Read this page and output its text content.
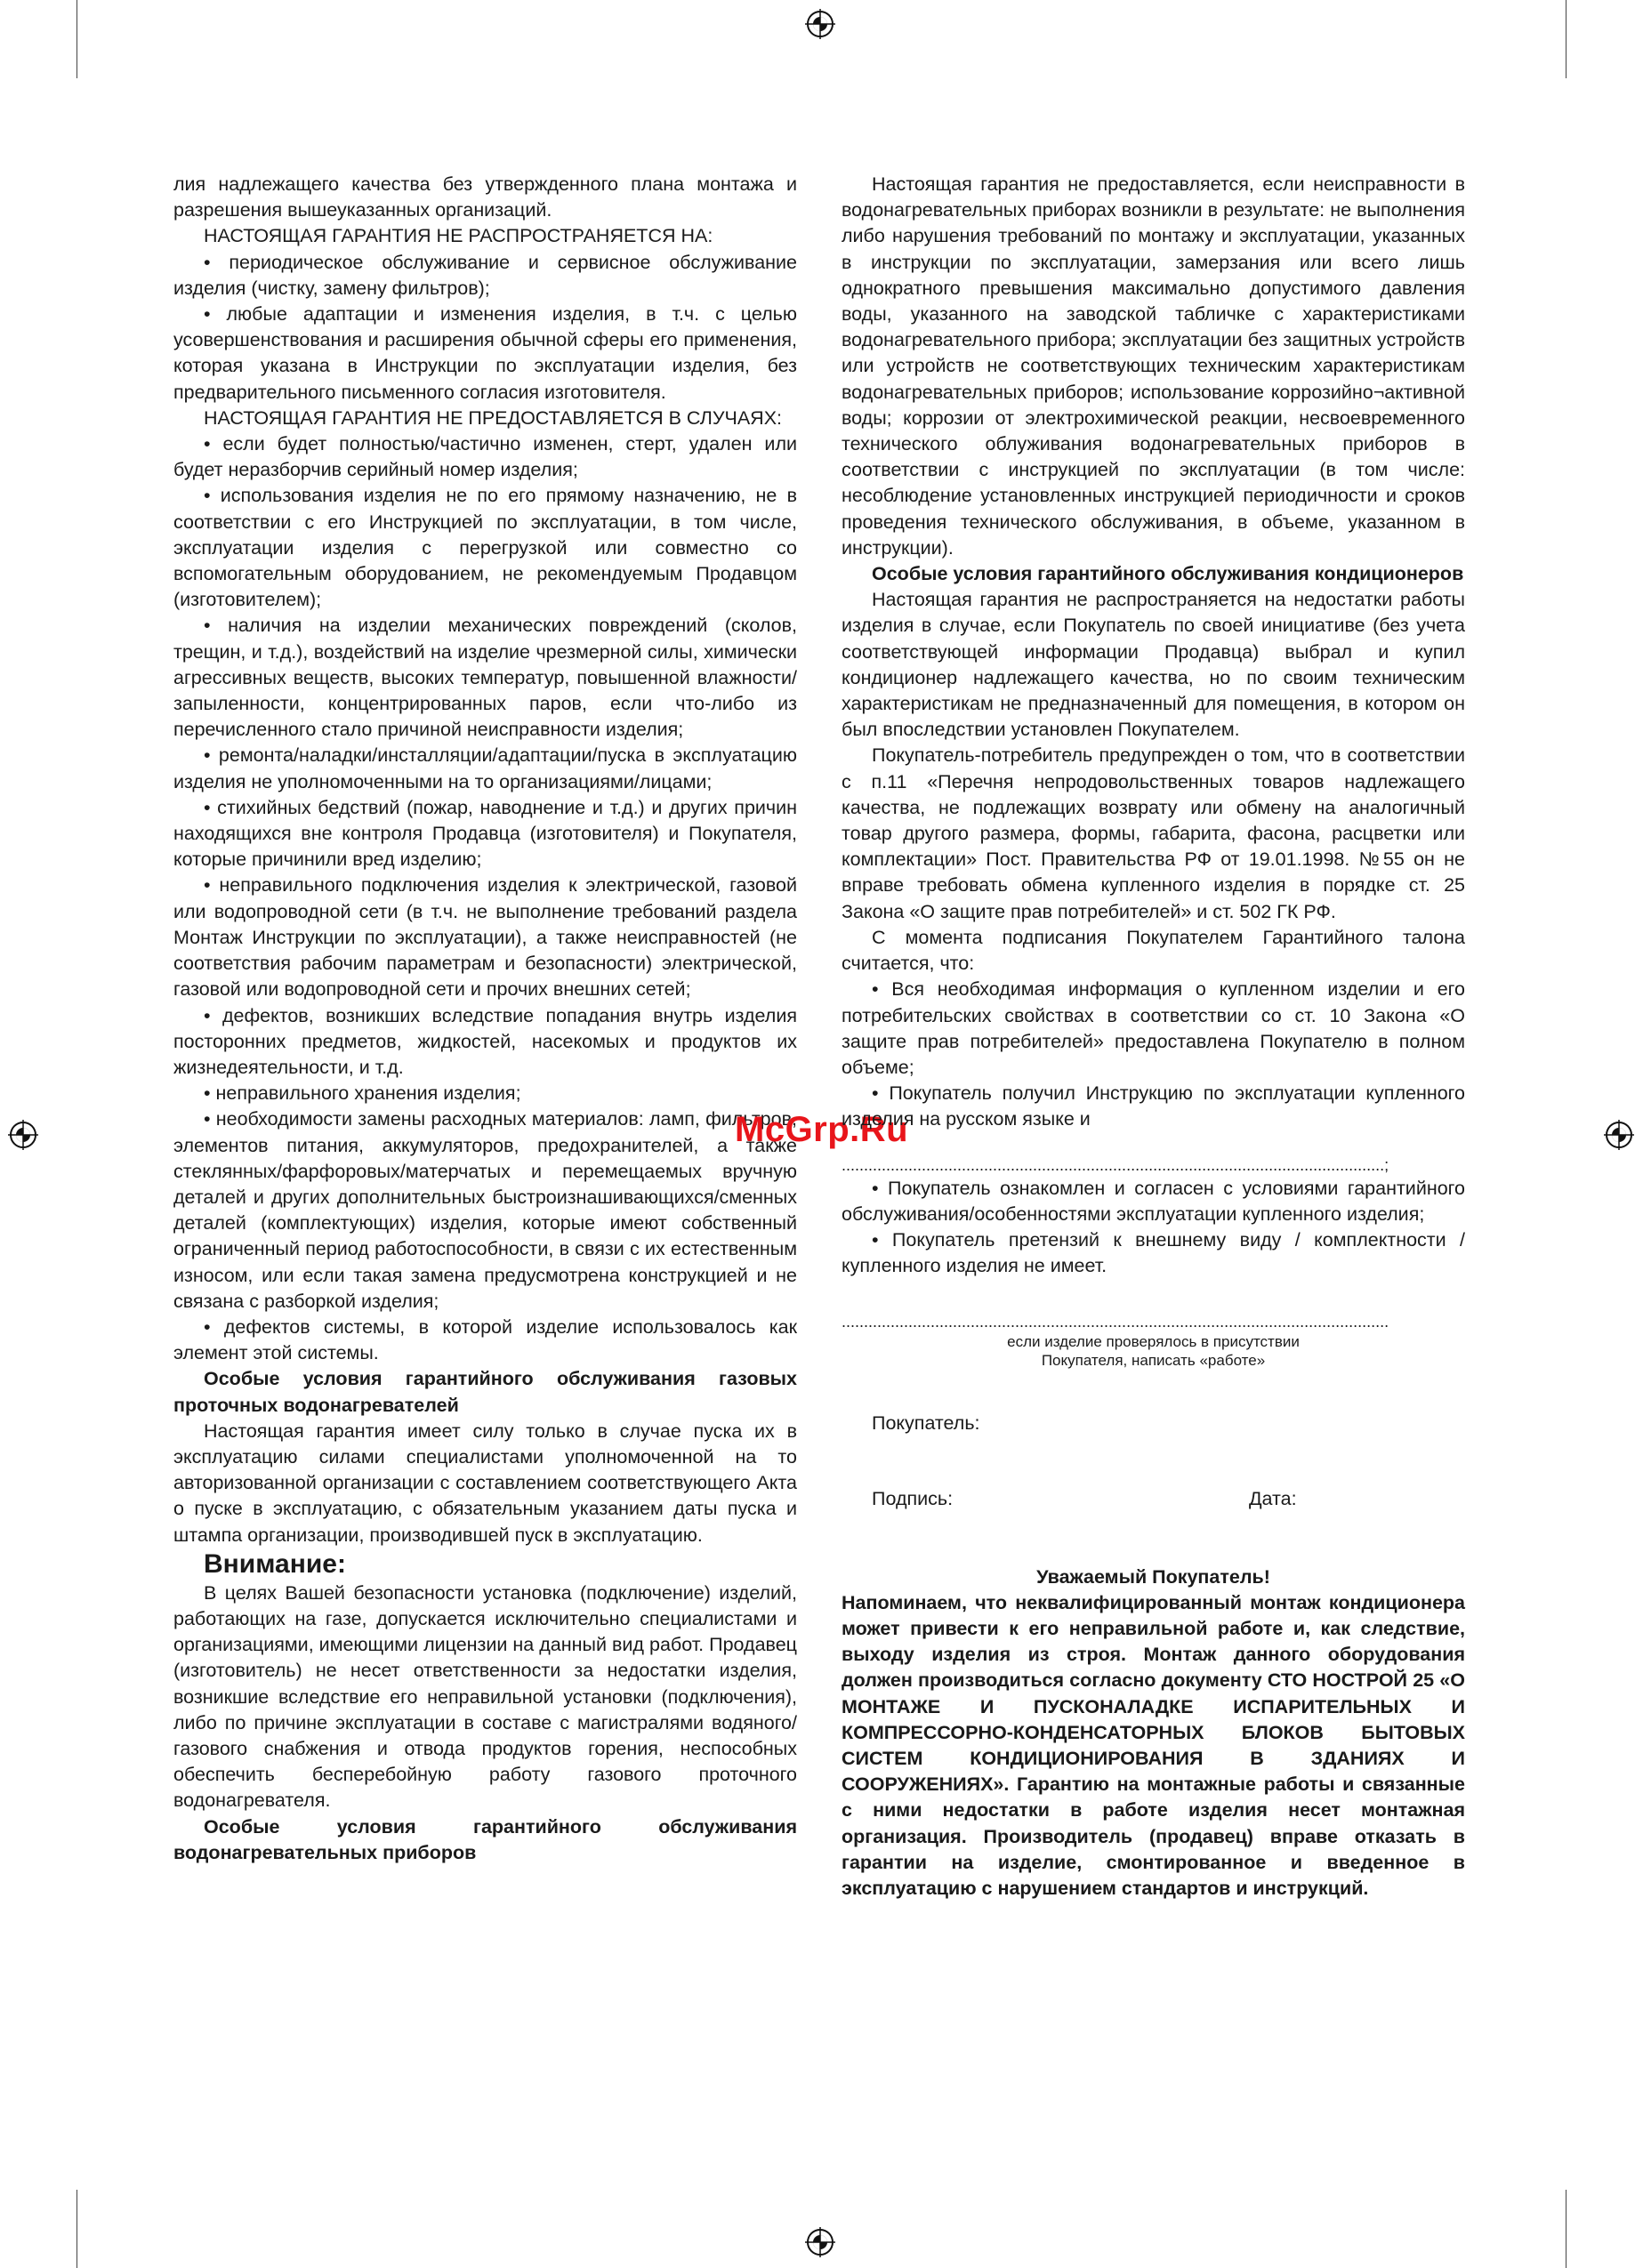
лия надлежащего качества без утвержденного плана монтажа и разрешения вышеуказанных организаций.

НАСТОЯЩАЯ ГАРАНТИЯ НЕ РАСПРОСТРАНЯЕТСЯ НА:

• периодическое обслуживание и сервисное обслуживание изделия (чистку, замену фильтров);

• любые адаптации и изменения изделия, в т.ч. с целью усовершенствования и расширения обычной сферы его применения, которая указана в Инструкции по эксплуатации изделия, без предварительного письменного согласия изготовителя.

НАСТОЯЩАЯ ГАРАНТИЯ НЕ ПРЕДОСТАВЛЯЕТСЯ В СЛУЧАЯХ:

• если будет полностью/частично изменен, стерт, удален или будет неразборчив серийный номер изделия;

• использования изделия не по его прямому назначению, не в соответствии с его Инструкцией по эксплуатации, в том числе, эксплуатации изделия с перегрузкой или совместно со вспомогательным оборудованием, не рекомендуемым Продавцом (изготовителем);

• наличия на изделии механических повреждений (сколов, трещин, и т.д.), воздействий на изделие чрезмерной силы, химически агрессивных веществ, высоких температур, повышенной влажности/запыленности, концентрированных паров, если что-либо из перечисленного стало причиной неисправности изделия;

• ремонта/наладки/инсталляции/адаптации/пуска в эксплуатацию изделия не уполномоченными на то организациями/лицами;

• стихийных бедствий (пожар, наводнение и т.д.) и других причин находящихся вне контроля Продавца (изготовителя) и Покупателя, которые причинили вред изделию;

• неправильного подключения изделия к электрической, газовой или водопроводной сети (в т.ч. не выполнение требований раздела Монтаж Инструкции по эксплуатации), а также неисправностей (не соответствия рабочим параметрам и безопасности) электрической, газовой или водопроводной сети и прочих внешних сетей;

• дефектов, возникших вследствие попадания внутрь изделия посторонних предметов, жидкостей, насекомых и продуктов их жизнедеятельности, и т.д.

• неправильного хранения изделия;

• необходимости замены расходных материалов: ламп, фильтров, элементов питания, аккумуляторов, предохранителей, а также стеклянных/фарфоровых/матерчатых и перемещаемых вручную деталей и других дополнительных быстроизнашивающихся/сменных деталей (комплектующих) изделия, которые имеют собственный ограниченный период работоспособности, в связи с их естественным износом, или если такая замена предусмотрена конструкцией и не связана с разборкой изделия;

• дефектов системы, в которой изделие использовалось как элемент этой системы.

Особые условия гарантийного обслуживания газовых проточных водонагревателей

Настоящая гарантия имеет силу только в случае пуска их в эксплуатацию силами специалистами уполномоченной на то авторизованной организации с составлением соответствующего Акта о пуске в эксплуатацию, с обязательным указанием даты пуска и штампа организации, производившей пуск в эксплуатацию.

Внимание:

В целях Вашей безопасности установка (подключение) изделий, работающих на газе, допускается исключительно специалистами и организациями, имеющими лицензии на данный вид работ. Продавец (изготовитель) не несет ответственности за недостатки изделия, возникшие вследствие его неправильной установки (подключения), либо по причине эксплуатации в составе с магистралями водяного/газового снабжения и отвода продуктов горения, неспособных обеспечить бесперебойную работу газового проточного водонагревателя.

Особые условия гарантийного обслуживания водонагревательных приборов

McGrp.Ru

Настоящая гарантия не предоставляется, если неисправности в водонагревательных приборах возникли в результате: не выполнения либо нарушения требований по монтажу и эксплуатации, указанных в инструкции по эксплуатации, замерзания или всего лишь однократного превышения максимально допустимого давления воды, указанного на заводской табличке с характеристиками водонагревательного прибора; эксплуатации без защитных устройств или устройств не соответствующих техническим характеристикам водонагревательных приборов; использование коррозийно¬активной воды; коррозии от электрохимической реакции, несвоевременного технического облуживания водонагревательных приборов в соответствии с инструкцией по эксплуатации (в том числе: несоблюдение установленных инструкцией периодичности и сроков проведения технического обслуживания, в объеме, указанном в инструкции).

Особые условия гарантийного обслуживания кондиционеров

Настоящая гарантия не распространяется на недостатки работы изделия в случае, если Покупатель по своей инициативе (без учета соответствующей информации Продавца) выбрал и купил кондиционер надлежащего качества, но по своим техническим характеристикам не предназначенный для помещения, в котором он был впоследствии установлен Покупателем.

Покупатель-потребитель предупрежден о том, что в соответствии с п.11 «Перечня непродовольственных товаров надлежащего качества, не подлежащих возврату или обмену на аналогичный товар другого размера, формы, габарита, фасона, расцветки или комплектации» Пост. Правительства РФ от 19.01.1998. №55 он не вправе требовать обмена купленного изделия в порядке ст. 25 Закона «О защите прав потребителей» и ст. 502 ГК РФ.

С момента подписания Покупателем Гарантийного талона считается, что:

• Вся необходимая информация о купленном изделии и его потребительских свойствах в соответствии со ст. 10 Закона «О защите прав потребителей» предоставлена Покупателю в полном объеме;

• Покупатель получил Инструкцию по эксплуатации купленного изделия на русском языке и

..........................................................................................................................;

• Покупатель ознакомлен и согласен с условиями гарантийного обслуживания/особенностями эксплуатации купленного изделия;

• Покупатель претензий к внешнему виду / комплектности / купленного изделия не имеет.

...........................................................................................................................

если изделие проверялось в присутствии

Покупателя, написать «работе»

Покупатель:

Подпись:	Дата:

Уважаемый Покупатель!

Напоминаем, что неквалифицированный монтаж кондиционера может привести к его неправильной работе и, как следствие, выходу изделия из строя. Монтаж данного оборудования должен производиться согласно документу СТО НОСТРОЙ 25 «О МОНТАЖЕ И ПУСКОНАЛАДКЕ ИСПАРИТЕЛЬНЫХ И КОМПРЕССОРНО-КОНДЕНСАТОРНЫХ БЛОКОВ БЫТОВЫХ СИСТЕМ КОНДИЦИОНИРОВАНИЯ В ЗДАНИЯХ И СООРУЖЕНИЯХ». Гарантию на монтажные работы и связанные с ними недостатки в работе изделия несет монтажная организация. Производитель (продавец) вправе отказать в гарантии на изделие, смонтированное и введенное в эксплуатацию с нарушением стандартов и инструкций.
